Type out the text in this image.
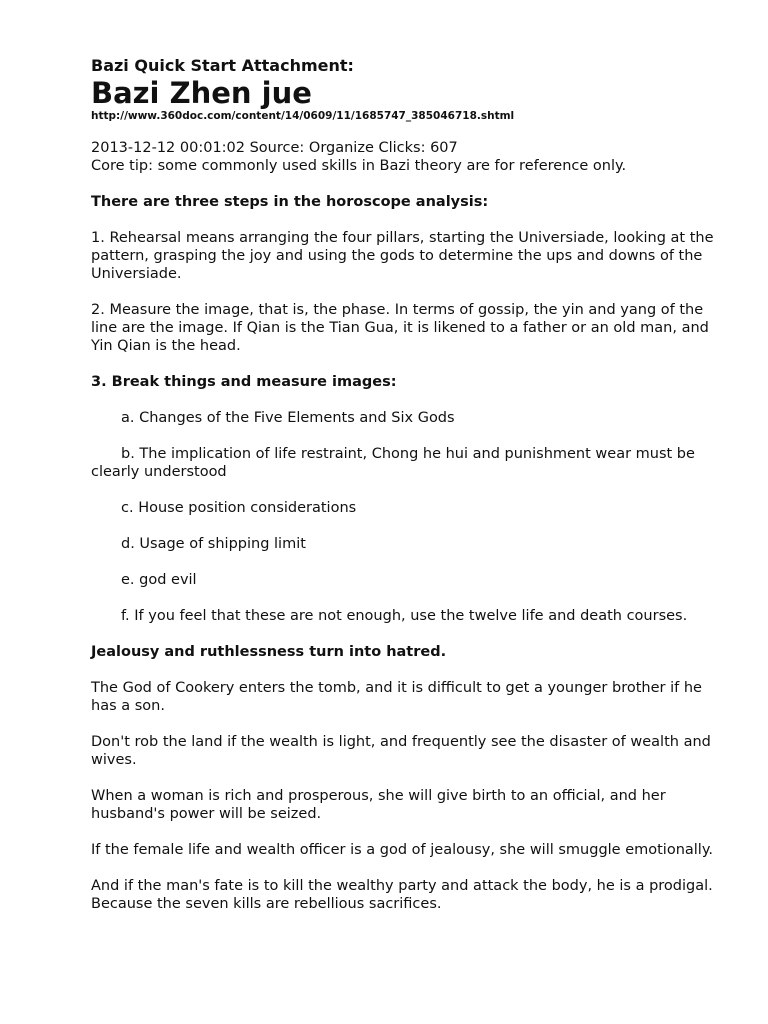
Bazi Quick Start Attachment:
Bazi Zhen jue
http://www.360doc.com/content/14/0609/11/1685747_385046718.shtml

2013-12-12 00:01:02 Source: Organize Clicks: 607

Core tip: some commonly used skills in Bazi theory are for reference only.

There are three steps in the horoscope analysis:

1. Rehearsal means arranging the four pillars, starting the Universiade, looking at the pattern, grasping the joy and using the gods to determine the ups and downs of the Universiade.

2. Measure the image, that is, the phase. In terms of gossip, the yin and yang of the line are the image. If Qian is the Tian Gua, it is likened to a father or an old man, and Yin Qian is the head.

3. Break things and measure images:

a. Changes of the Five Elements and Six Gods

b. The implication of life restraint, Chong he hui and punishment wear must be clearly understood

c. House position considerations

d. Usage of shipping limit

e. god evil

f. If you feel that these are not enough, use the twelve life and death courses.

Jealousy and ruthlessness turn into hatred.

The God of Cookery enters the tomb, and it is difficult to get a younger brother if he has a son.

Don't rob the land if the wealth is light, and frequently see the disaster of wealth and wives.

When a woman is rich and prosperous, she will give birth to an official, and her husband's power will be seized.

If the female life and wealth officer is a god of jealousy, she will smuggle emotionally.

And if the man's fate is to kill the wealthy party and attack the body, he is a prodigal. Because the seven kills are rebellious sacrifices.
